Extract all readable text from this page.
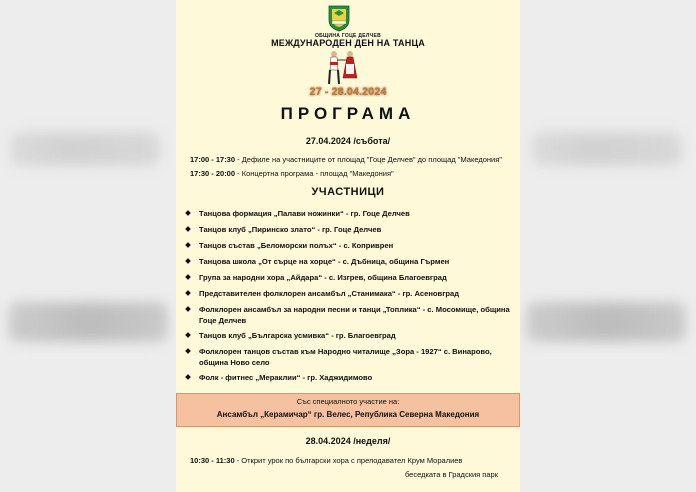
ОБЩИНА ГОЦЕ ДЕЛЧЕВ
МЕЖДУНАРОДЕН ДЕН НА ТАНЦА
27 - 28.04.2024
ПРОГРАМА
27.04.2024 /събота/
17:00 - 17:30 - Дефиле на участниците от площад "Гоце Делчев" до площад "Македония"
17:30 - 20:00 - Концертна програма - площад "Македония"
УЧАСТНИЦИ
Танцова формация „Палави ножинки“ - гр. Гоце Делчев
Танцов клуб „Пиринско злато“ - гр. Гоце Делчев
Танцов състав „Беломорски полъх“ - с. Коприврен
Танцова школа „От сърце на хорце“ - с. Дъбница, община Гърмен
Група за народни хора „Айдара“ - с. Изгрев, община Благоевград
Представителен фолклорен ансамбъл „Станимака“ - гр. Асеновград
Фолклорен ансамбъл за народни песни и танци „Топлика“ - с. Мосомище, община Гоце Делчев
Танцов клуб „Българска усмивка“ - гр. Благоевград
Фолклорен танцов състав към Народно читалище „Зора - 1927“ с. Винарово, община Ново село
Фолк - фитнес „Мераклии“ - гр. Хаджидимово
Със специалното участие на:
Ансамбъл „Керамичар“ гр. Велес, Република Северна Македония
28.04.2024 /неделя/
10:30 - 11:30 - Открит урок по български хора с преподавател Крум Моралиев
беседката в Градския парк
